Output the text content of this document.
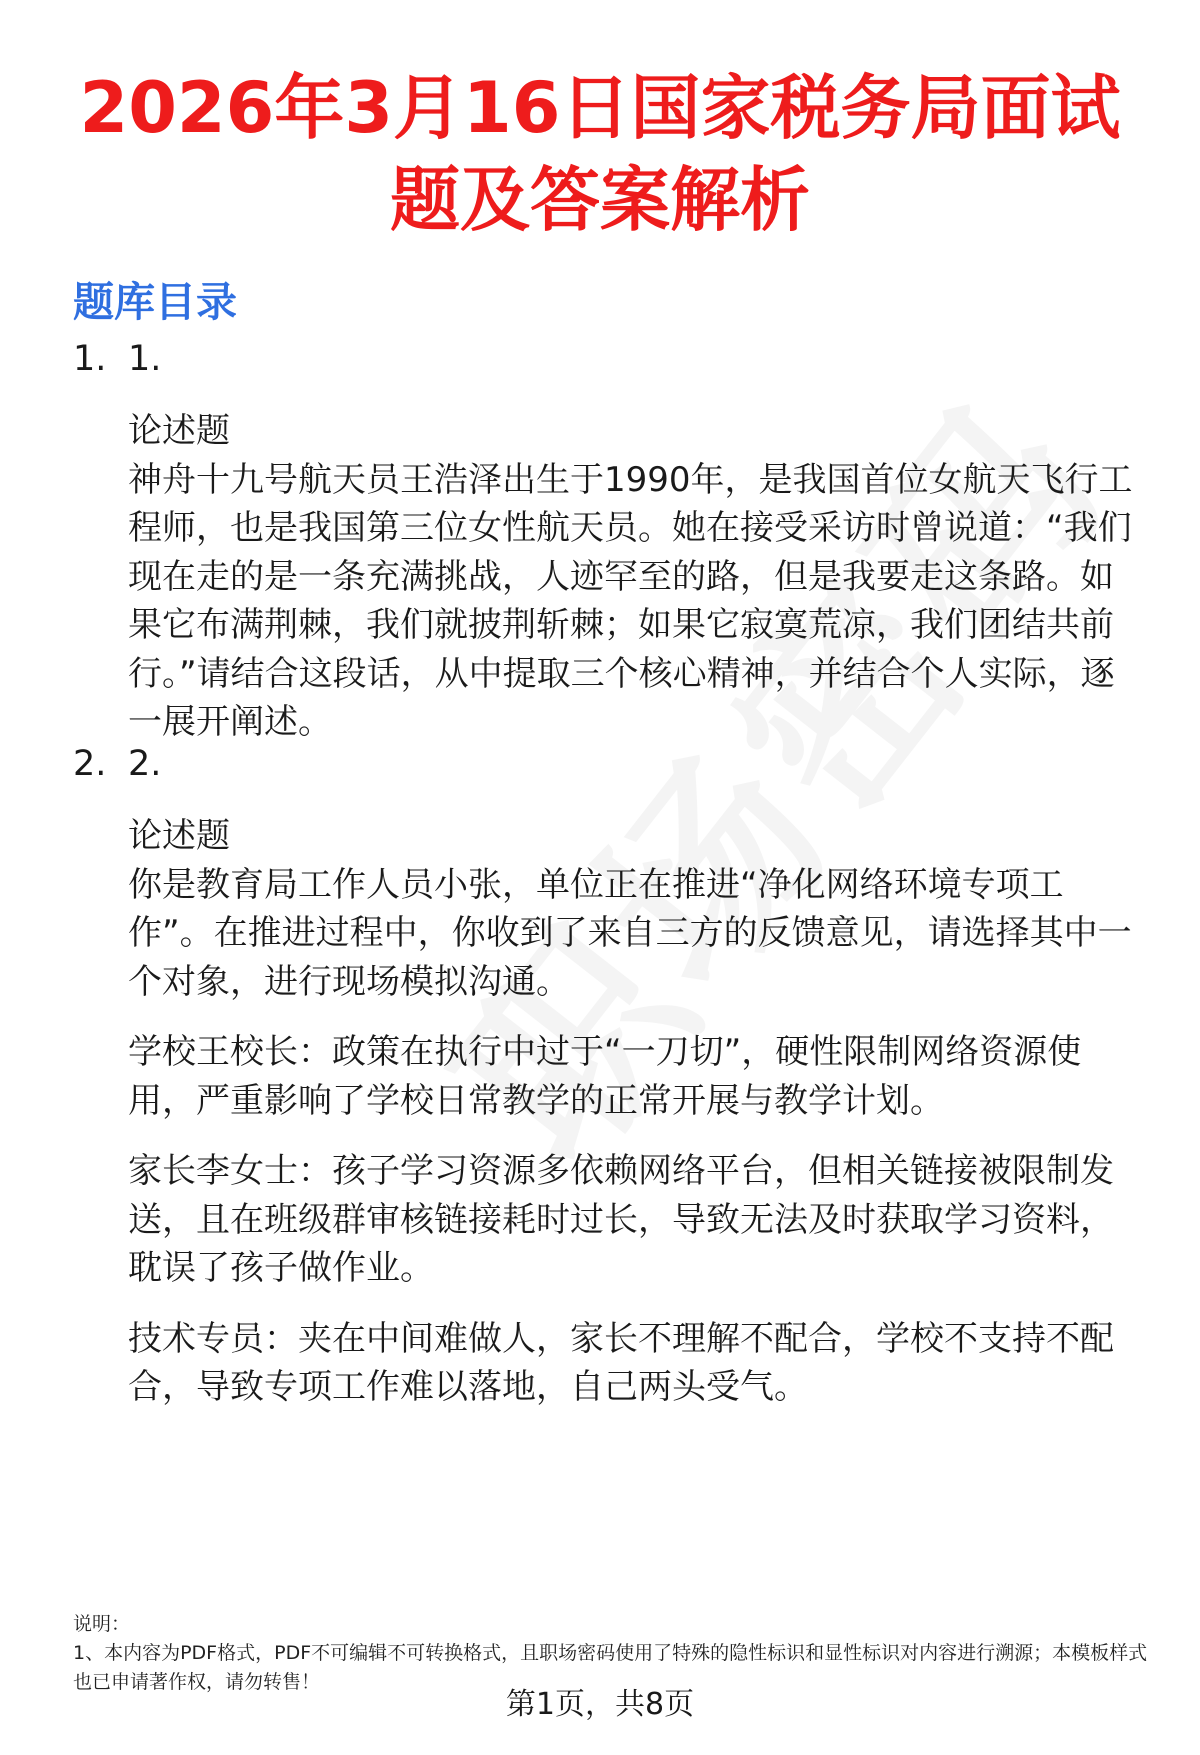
2026年3月16日国家税务局面试题及答案解析
题库目录
1. 1.

论述题

神舟十九号航天员王浩泽出生于1990年，是我国首位女航天飞行工程师，也是我国第三位女性航天员。她在接受采访时曾说道：“我们现在走的是一条充满挑战，人迹罕至的路，但是我要走这条路。如果它布满荆棘，我们就披荆斩棘；如果它寂寞荒凉，我们团结共前行。”请结合这段话，从中提取三个核心精神，并结合个人实际，逐一展开阐述。

2. 2.

论述题

你是教育局工作人员小张，单位正在推进“净化网络环境专项工作”。在推进过程中，你收到了来自三方的反馈意见，请选择其中一个对象，进行现场模拟沟通。

学校王校长：政策在执行中过于“一刀切”，硬性限制网络资源使用，严重影响了学校日常教学的正常开展与教学计划。

家长李女士：孩子学习资源多依赖网络平台，但相关链接被限制发送，且在班级群审核链接耗时过长，导致无法及时获取学习资料，耽误了孩子做作业。

技术专员：夹在中间难做人，家长不理解不配合，学校不支持不配合，导致专项工作难以落地，自己两头受气。

说明：
1、本内容为PDF格式，PDF不可编辑不可转换格式，且职场密码使用了特殊的隐性标识和显性标识对内容进行溯源；本模板样式也已申请著作权，请勿转售！
第1页，共8页
